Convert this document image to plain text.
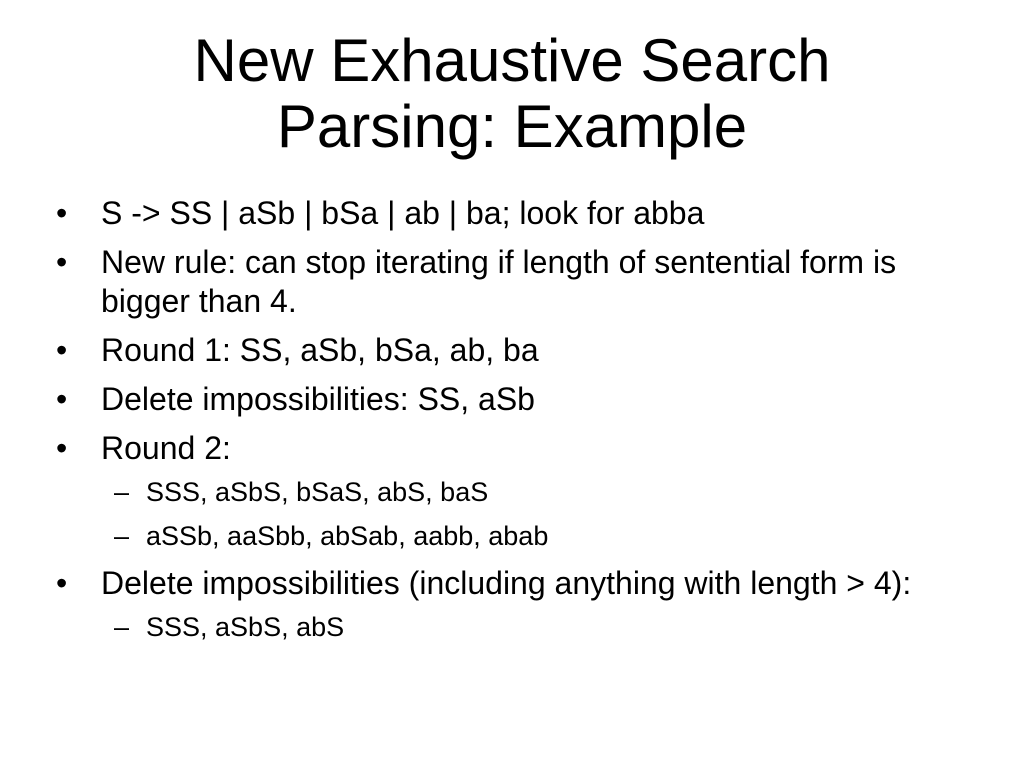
New Exhaustive Search
Parsing: Example
• S -> SS | aSb | bSa | ab | ba; look for abba
• New rule: can stop iterating if length of sentential form is bigger than 4.
• Round 1: SS, aSb, bSa, ab, ba
• Delete impossibilities: SS, aSb
• Round 2:
– SSS, aSbS, bSaS, abS, baS
– aSSb, aaSbb, abSab, aabb, abab
• Delete impossibilities (including anything with length > 4):
– SSS, aSbS, abS
